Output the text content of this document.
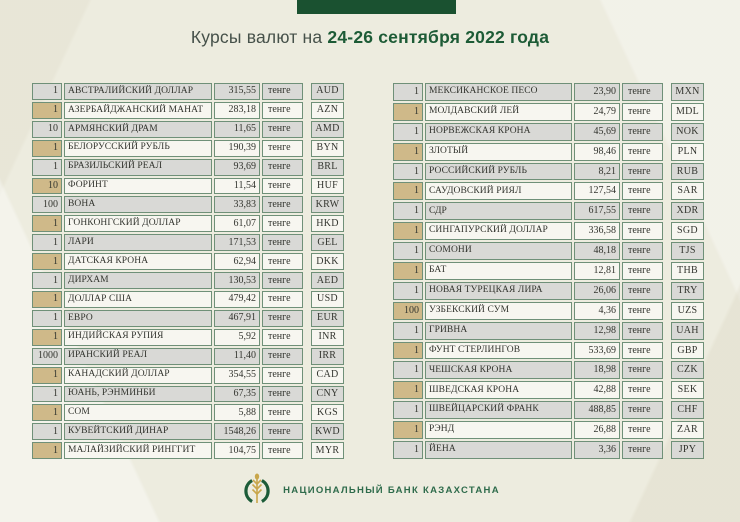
Курсы валют на 24-26 сентября 2022 года
1	АВСТРАЛИЙСКИЙ ДОЛЛАР	315,55	тенге	AUD
1	АЗЕРБАЙДЖАНСКИЙ МАНАТ	283,18	тенге	AZN
10	АРМЯНСКИЙ ДРАМ	11,65	тенге	AMD
1	БЕЛОРУССКИЙ РУБЛЬ	190,39	тенге	BYN
1	БРАЗИЛЬСКИЙ РЕАЛ	93,69	тенге	BRL
10	ФОРИНТ	11,54	тенге	HUF
100	ВОНА	33,83	тенге	KRW
1	ГОНКОНГСКИЙ ДОЛЛАР	61,07	тенге	HKD
1	ЛАРИ	171,53	тенге	GEL
1	ДАТСКАЯ КРОНА	62,94	тенге	DKK
1	ДИРХАМ	130,53	тенге	AED
1	ДОЛЛАР США	479,42	тенге	USD
1	ЕВРО	467,91	тенге	EUR
1	ИНДИЙСКАЯ РУПИЯ	5,92	тенге	INR
1000	ИРАНСКИЙ РЕАЛ	11,40	тенге	IRR
1	КАНАДСКИЙ ДОЛЛАР	354,55	тенге	CAD
1	ЮАНЬ, РЭНМИНБИ	67,35	тенге	CNY
1	СОМ	5,88	тенге	KGS
1	КУВЕЙТСКИЙ ДИНАР	1548,26	тенге	KWD
1	МАЛАЙЗИЙСКИЙ РИНГГИТ	104,75	тенге	MYR
1	МЕКСИКАНСКОЕ ПЕСО	23,90	тенге	MXN
1	МОЛДАВСКИЙ ЛЕЙ	24,79	тенге	MDL
1	НОРВЕЖСКАЯ КРОНА	45,69	тенге	NOK
1	ЗЛОТЫЙ	98,46	тенге	PLN
1	РОССИЙСКИЙ РУБЛЬ	8,21	тенге	RUB
1	САУДОВСКИЙ РИЯЛ	127,54	тенге	SAR
1	СДР	617,55	тенге	XDR
1	СИНГАПУРСКИЙ ДОЛЛАР	336,58	тенге	SGD
1	СОМОНИ	48,18	тенге	TJS
1	БАТ	12,81	тенге	THB
1	НОВАЯ ТУРЕЦКАЯ ЛИРА	26,06	тенге	TRY
100	УЗБЕКСКИЙ СУМ	4,36	тенге	UZS
1	ГРИВНА	12,98	тенге	UAH
1	ФУНТ СТЕРЛИНГОВ	533,69	тенге	GBP
1	ЧЕШСКАЯ КРОНА	18,98	тенге	CZK
1	ШВЕДСКАЯ КРОНА	42,88	тенге	SEK
1	ШВЕЙЦАРСКИЙ ФРАНК	488,85	тенге	CHF
1	РЭНД	26,88	тенге	ZAR
1	ЙЕНА	3,36	тенге	JPY
НАЦИОНАЛЬНЫЙ БАНК КАЗАХСТАНА
